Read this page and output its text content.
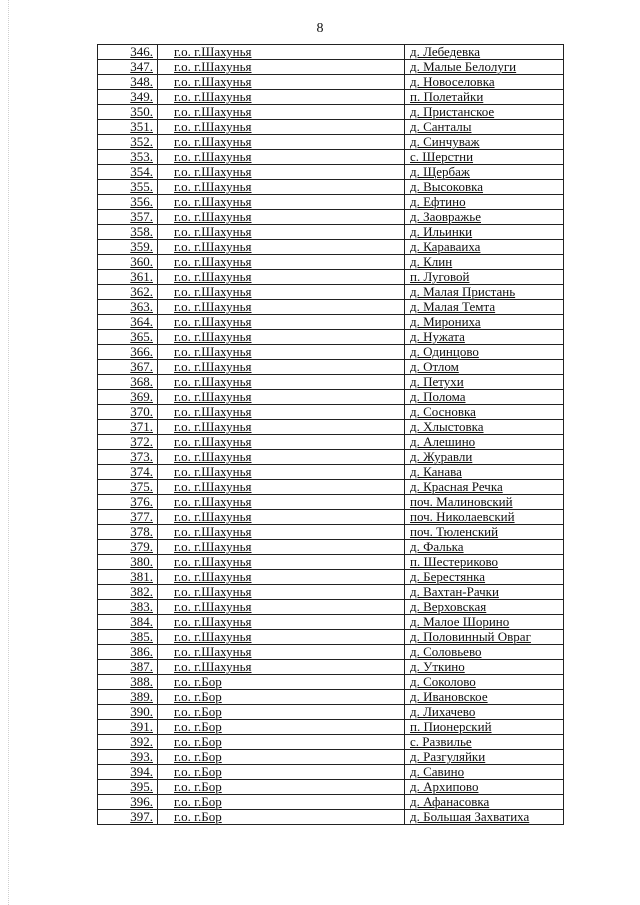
8
346.	г.о. г.Шахунья	д. Лебедевка
347.	г.о. г.Шахунья	д. Малые Белолуги
348.	г.о. г.Шахунья	д. Новоселовка
349.	г.о. г.Шахунья	п. Полетайки
350.	г.о. г.Шахунья	д. Пристанское
351.	г.о. г.Шахунья	д. Санталы
352.	г.о. г.Шахунья	д. Синчуваж
353.	г.о. г.Шахунья	с. Шерстни
354.	г.о. г.Шахунья	д. Щербаж
355.	г.о. г.Шахунья	д. Высоковка
356.	г.о. г.Шахунья	д. Ефтино
357.	г.о. г.Шахунья	д. Заовражье
358.	г.о. г.Шахунья	д. Ильинки
359.	г.о. г.Шахунья	д. Караваиха
360.	г.о. г.Шахунья	д. Клин
361.	г.о. г.Шахунья	п. Луговой
362.	г.о. г.Шахунья	д. Малая Пристань
363.	г.о. г.Шахунья	д. Малая Темта
364.	г.о. г.Шахунья	д. Мирониха
365.	г.о. г.Шахунья	д. Нужата
366.	г.о. г.Шахунья	д. Одинцово
367.	г.о. г.Шахунья	д. Отлом
368.	г.о. г.Шахунья	д. Петухи
369.	г.о. г.Шахунья	д. Полома
370.	г.о. г.Шахунья	д. Сосновка
371.	г.о. г.Шахунья	д. Хлыстовка
372.	г.о. г.Шахунья	д. Алешино
373.	г.о. г.Шахунья	д. Журавли
374.	г.о. г.Шахунья	д. Канава
375.	г.о. г.Шахунья	д. Красная Речка
376.	г.о. г.Шахунья	поч. Малиновский
377.	г.о. г.Шахунья	поч. Николаевский
378.	г.о. г.Шахунья	поч. Тюленский
379.	г.о. г.Шахунья	д. Фалька
380.	г.о. г.Шахунья	п. Шестериково
381.	г.о. г.Шахунья	д. Берестянка
382.	г.о. г.Шахунья	д. Вахтан-Рачки
383.	г.о. г.Шахунья	д. Верховская
384.	г.о. г.Шахунья	д. Малое Шорино
385.	г.о. г.Шахунья	д. Половинный Овраг
386.	г.о. г.Шахунья	д. Соловьево
387.	г.о. г.Шахунья	д. Уткино
388.	г.о. г.Бор	д. Соколово
389.	г.о. г.Бор	д. Ивановское
390.	г.о. г.Бор	д. Лихачево
391.	г.о. г.Бор	п. Пионерский
392.	г.о. г.Бор	с. Развилье
393.	г.о. г.Бор	д. Разгуляйки
394.	г.о. г.Бор	д. Савино
395.	г.о. г.Бор	д. Архипово
396.	г.о. г.Бор	д. Афанасовка
397.	г.о. г.Бор	д. Большая Захватиха
